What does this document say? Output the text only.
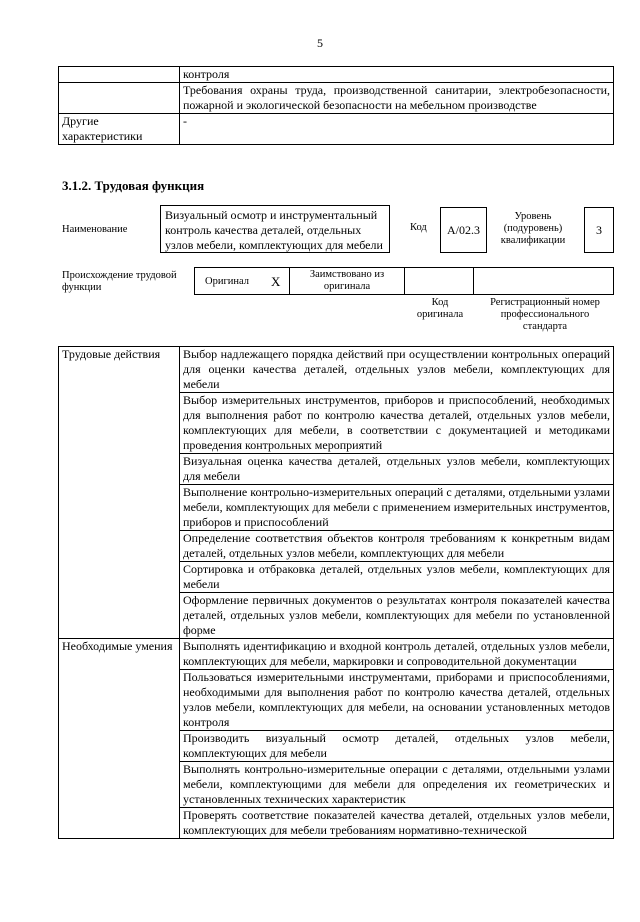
5
	контроля
	Требования охраны труда, производственной санитарии, электробезопасности, пожарной и экологической безопасности на мебельном производстве
Другие характеристики	-
3.1.2. Трудовая функция
Наименование
Визуальный осмотр и инструментальный контроль качества деталей, отдельных узлов мебели, комплектующих для мебели
Код	А/02.3
Уровень (подуровень) квалификации
3
Происхождение трудовой функции
Оригинал X	Заимствовано из оригинала
Код оригинала
Регистрационный номер профессионального стандарта
Трудовые действия	Выбор надлежащего порядка действий при осуществлении контрольных операций для оценки качества деталей, отдельных узлов мебели, комплектующих для мебели
	Выбор измерительных инструментов, приборов и приспособлений, необходимых для выполнения работ по контролю качества деталей, отдельных узлов мебели, комплектующих для мебели, в соответствии с документацией и методиками проведения контрольных мероприятий
	Визуальная оценка качества деталей, отдельных узлов мебели, комплектующих для мебели
	Выполнение контрольно-измерительных операций с деталями, отдельными узлами мебели, комплектующих для мебели с применением измерительных инструментов, приборов и приспособлений
	Определение соответствия объектов контроля требованиям к конкретным видам деталей, отдельных узлов мебели, комплектующих для мебели
	Сортировка и отбраковка деталей, отдельных узлов мебели, комплектующих для мебели
	Оформление первичных документов о результатах контроля показателей качества деталей, отдельных узлов мебели, комплектующих для мебели по установленной форме
Необходимые умения	Выполнять идентификацию и входной контроль деталей, отдельных узлов мебели, комплектующих для мебели, маркировки и сопроводительной документации
	Пользоваться измерительными инструментами, приборами и приспособлениями, необходимыми для выполнения работ по контролю качества деталей, отдельных узлов мебели, комплектующих для мебели, на основании установленных методов контроля
	Производить визуальный осмотр деталей, отдельных узлов мебели, комплектующих для мебели
	Выполнять контрольно-измерительные операции с деталями, отдельными узлами мебели, комплектующими для мебели для определения их геометрических и установленных технических характеристик
	Проверять соответствие показателей качества деталей, отдельных узлов мебели, комплектующих для мебели требованиям нормативно-технической
